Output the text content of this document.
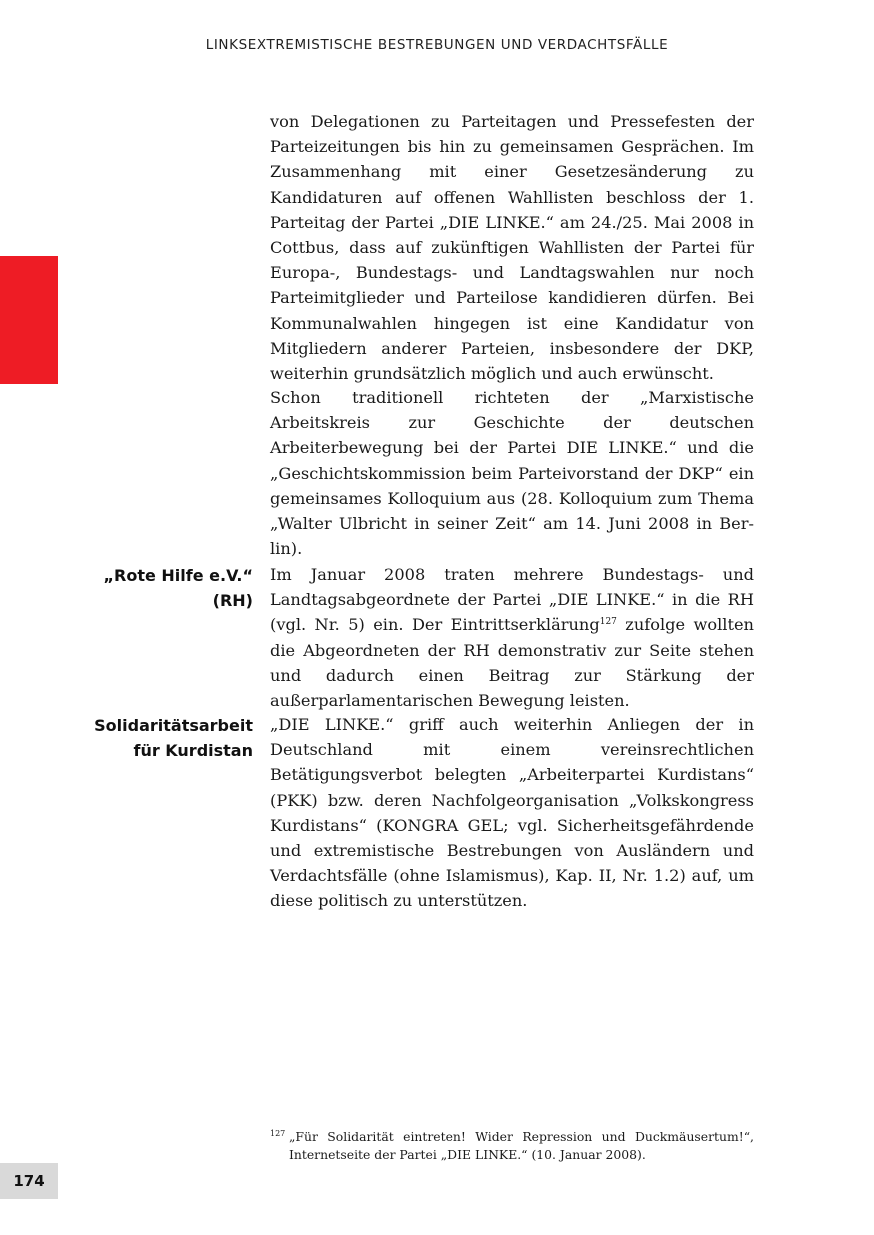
LINKSEXTREMISTISCHE BESTREBUNGEN UND VERDACHTSFÄLLE

von Delegationen zu Parteitagen und Pressefesten der Parteizeitungen bis hin zu gemeinsamen Gesprächen. Im Zusammenhang mit einer Gesetzesänderung zu Kandidaturen auf offenen Wahllisten beschloss der 1. Parteitag der Partei „DIE LINKE.“ am 24./25. Mai 2008 in Cottbus, dass auf zukünftigen Wahllisten der Partei für Europa-, Bundestags- und Landtagswahlen nur noch Parteimitglieder und Parteilose kandidieren dürfen. Bei Kommunalwahlen hingegen ist eine Kandidatur von Mitgliedern anderer Parteien, insbesondere der DKP, weiterhin grundsätzlich möglich und auch erwünscht.

Schon traditionell richteten der „Marxistische Arbeitskreis zur Geschichte der deutschen Arbeiterbewegung bei der Partei DIE LINKE.“ und die „Geschichtskommission beim Parteivorstand der DKP“ ein gemeinsames Kolloquium aus (28. Kolloquium zum Thema „Walter Ulbricht in seiner Zeit“ am 14. Juni 2008 in Berlin).

„Rote Hilfe e.V.“
(RH)

Im Januar 2008 traten mehrere Bundestags- und Landtagsabgeordnete der Partei „DIE LINKE.“ in die RH (vgl. Nr. 5) ein. Der Eintrittserklärung$^{127}$ zufolge wollten die Abgeordneten der RH demonstrativ zur Seite stehen und dadurch einen Beitrag zur Stärkung der außerparlamentarischen Bewegung leisten.

Solidaritätsarbeit
für Kurdistan

„DIE LINKE.“ griff auch weiterhin Anliegen der in Deutschland mit einem vereinsrechtlichen Betätigungsverbot belegten „Arbeiterpartei Kurdistans“ (PKK) bzw. deren Nachfolgeorganisation „Volkskongress Kurdistans“ (KONGRA GEL; vgl. Sicherheitsgefährdende und extremistische Bestrebungen von Ausländern und Verdachtsfälle (ohne Islamismus), Kap. II, Nr. 1.2) auf, um diese politisch zu unterstützen.

127 „Für Solidarität eintreten! Wider Repression und Duckmäusertum!“, Internetseite der Partei „DIE LINKE.“ (10. Januar 2008).
174
